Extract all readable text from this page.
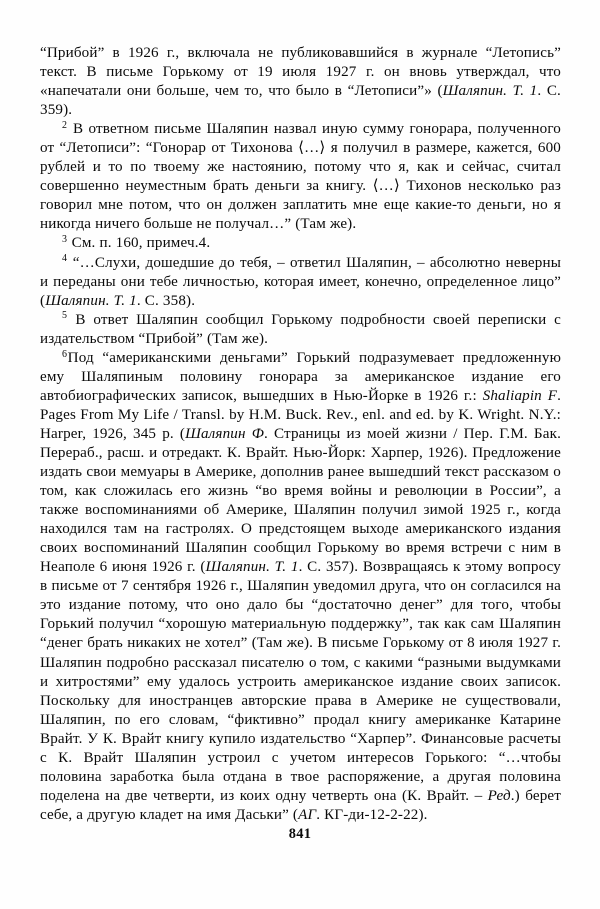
“Прибой” в 1926 г., включала не публиковавшийся в журнале “Летопись” текст. В письме Горькому от 19 июля 1927 г. он вновь утверждал, что «напечатали они больше, чем то, что было в “Летописи”» (Шаляпин. Т. 1. С. 359).

$^2$ В ответном письме Шаляпин назвал иную сумму гонорара, полученного от “Летописи”: “Гонорар от Тихонова ⟨…⟩ я получил в размере, кажется, 600 рублей и то по твоему же настоянию, потому что я, как и сейчас, считал совершенно неуместным брать деньги за книгу. ⟨…⟩ Тихонов несколько раз говорил мне потом, что он должен заплатить мне еще какие-то деньги, но я никогда ничего больше не получал…” (Там же).

$^3$ См. п. 160, примеч.4.

$^4$ “…Слухи, дошедшие до тебя, – ответил Шаляпин, – абсолютно неверны и переданы они тебе личностью, которая имеет, конечно, определенное лицо” (Шаляпин. Т. 1. С. 358).

$^5$ В ответ Шаляпин сообщил Горькому подробности своей переписки с издательством “Прибой” (Там же).

$^6$Под “американскими деньгами” Горький подразумевает предложенную ему Шаляпиным половину гонорара за американское издание его автобиографических записок, вышедших в Нью-Йорке в 1926 г.: Shaliapin F. Pages From My Life / Transl. by H.M. Buck. Rev., enl. and ed. by K. Wright. N.Y.: Harper, 1926, 345 p. (Шаляпин Ф. Страницы из моей жизни / Пер. Г.М. Бак. Перераб., расш. и отредакт. К. Врайт. Нью-Йорк: Харпер, 1926). Предложение издать свои мемуары в Америке, дополнив ранее вышедший текст рассказом о том, как сложилась его жизнь “во время войны и революции в России”, а также воспоминаниями об Америке, Шаляпин получил зимой 1925 г., когда находился там на гастролях. О предстоящем выходе американского издания своих воспоминаний Шаляпин сообщил Горькому во время встречи с ним в Неаполе 6 июня 1926 г. (Шаляпин. Т. 1. С. 357). Возвращаясь к этому вопросу в письме от 7 сентября 1926 г., Шаляпин уведомил друга, что он согласился на это издание потому, что оно дало бы “достаточно денег” для того, чтобы Горький получил “хорошую материальную поддержку”, так как сам Шаляпин “денег брать никаких не хотел” (Там же). В письме Горькому от 8 июля 1927 г. Шаляпин подробно рассказал писателю о том, с какими “разными выдумками и хитростями” ему удалось устроить американское издание своих записок. Поскольку для иностранцев авторские права в Америке не существовали, Шаляпин, по его словам, “фиктивно” продал книгу американке Катарине Врайт. У К. Врайт книгу купило издательство “Харпер”. Финансовые расчеты с К. Врайт Шаляпин устроил с учетом интересов Горького: “…чтобы половина заработка была отдана в твое распоряжение, а другая половина поделена на две четверти, из коих одну четверть она (К. Врайт. – Ред.) берет себе, а другую кладет на имя Даськи” (АГ. КГ-ди-12-2-22).

841
